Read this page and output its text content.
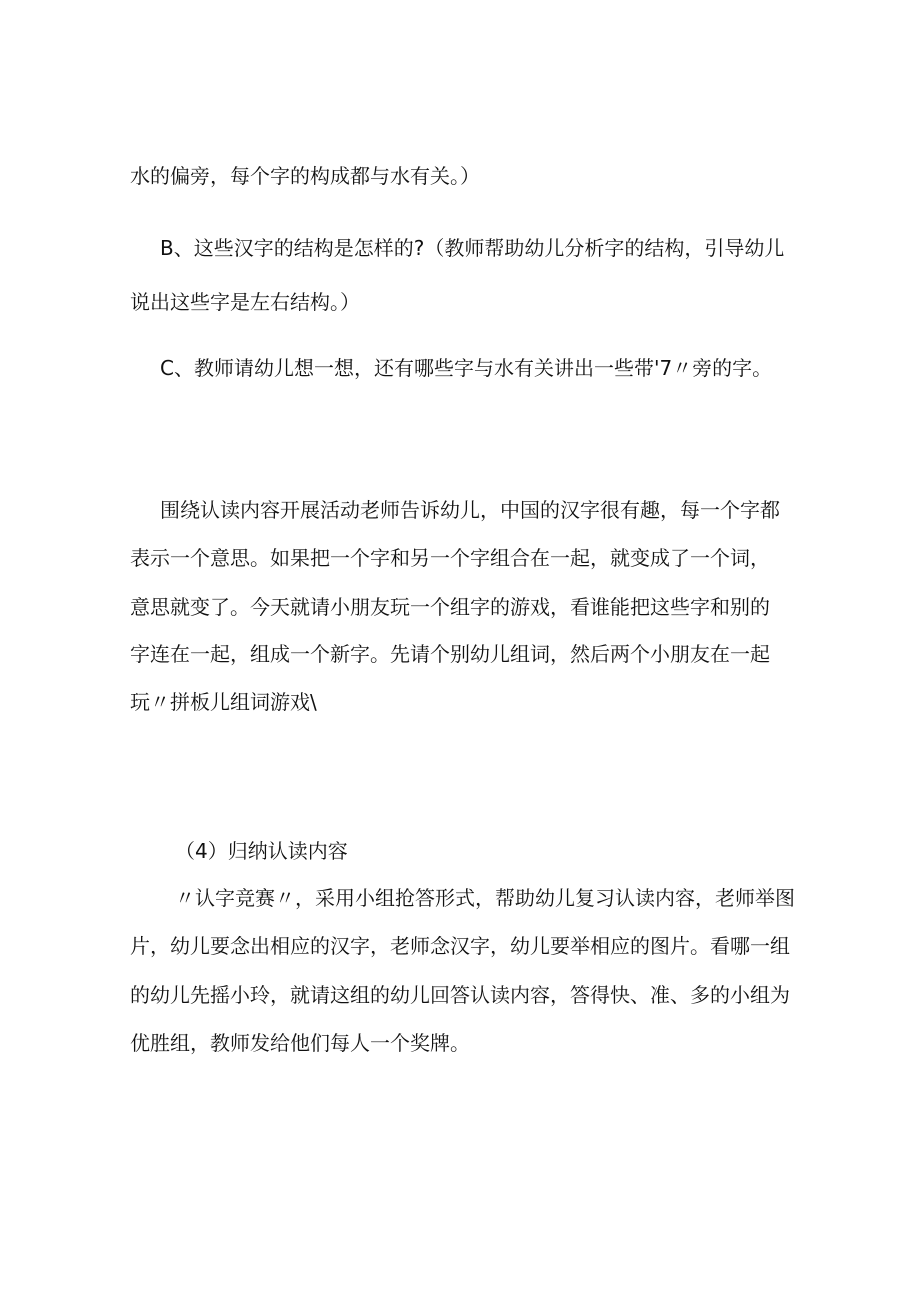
水的偏旁，每个字的构成都与水有关。）
B、这些汉字的结构是怎样的?（教师帮助幼儿分析字的结构，引导幼儿
说出这些字是左右结构。）
C、教师请幼儿想一想，还有哪些字与水有关讲出一些带'7〃旁的字。
围绕认读内容开展活动老师告诉幼儿，中国的汉字很有趣，每一个字都
表示一个意思。如果把一个字和另一个字组合在一起，就变成了一个词，
意思就变了。今天就请小朋友玩一个组字的游戏，看谁能把这些字和别的
字连在一起，组成一个新字。先请个别幼儿组词，然后两个小朋友在一起
玩〃拼板儿组词游戏\
（4）归纳认读内容
〃认字竞赛〃，采用小组抢答形式，帮助幼儿复习认读内容，老师举图
片，幼儿要念出相应的汉字，老师念汉字，幼儿要举相应的图片。看哪一组
的幼儿先摇小玲，就请这组的幼儿回答认读内容，答得快、准、多的小组为
优胜组，教师发给他们每人一个奖牌。
